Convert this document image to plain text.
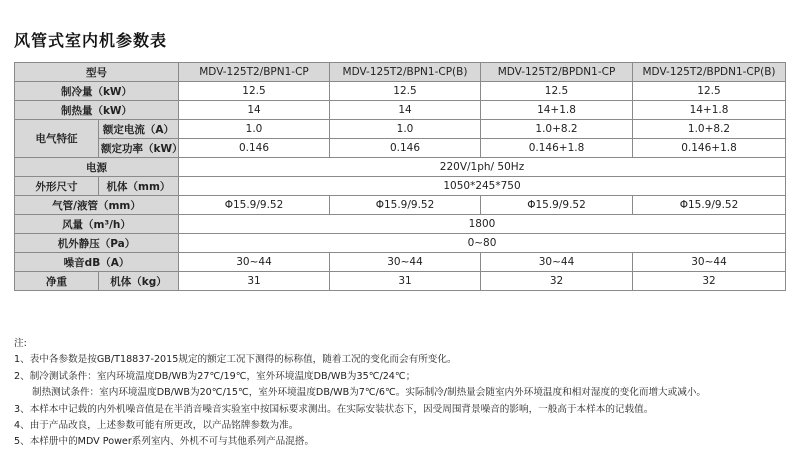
风管式室内机参数表
型号		MDV-125T2/BPN1-CP	MDV-125T2/BPN1-CP(B)	MDV-125T2/BPDN1-CP	MDV-125T2/BPDN1-CP(B)
制冷量（kW）		12.5	12.5	12.5	12.5
制热量（kW）		14	14	14+1.8	14+1.8
电气特征	额定电流（A）	1.0	1.0	1.0+8.2	1.0+8.2
	额定功率（kW）	0.146	0.146	0.146+1.8	0.146+1.8
电源		220V/1ph/ 50Hz			
外形尺寸	机体（mm）	1050*245*750			
气管/液管（mm）		Φ15.9/9.52	Φ15.9/9.52	Φ15.9/9.52	Φ15.9/9.52
风量（m³/h）		1800			
机外静压（Pa）		0~80			
噪音dB（A）		30~44	30~44	30~44	30~44
净重	机体（kg）	31	31	32	32
注:
1、表中各参数是按GB/T18837-2015规定的额定工况下测得的标称值，随着工况的变化而会有所变化。
2、制冷测试条件：室内环境温度DB/WB为27℃/19℃，室外环境温度DB/WB为35℃/24℃；
制热测试条件：室内环境温度DB/WB为20℃/15℃，室外环境温度DB/WB为7℃/6℃。实际制冷/制热量会随室内外环境温度和相对湿度的变化而增大或减小。
3、本样本中记载的内外机噪音值是在半消音噪音实验室中按国标要求测出。在实际安装状态下，因受周围背景噪音的影响，一般高于本样本的记载值。
4、由于产品改良，上述参数可能有所更改，以产品铭牌参数为准。
5、本样册中的MDV Power系列室内、外机不可与其他系列产品混搭。
